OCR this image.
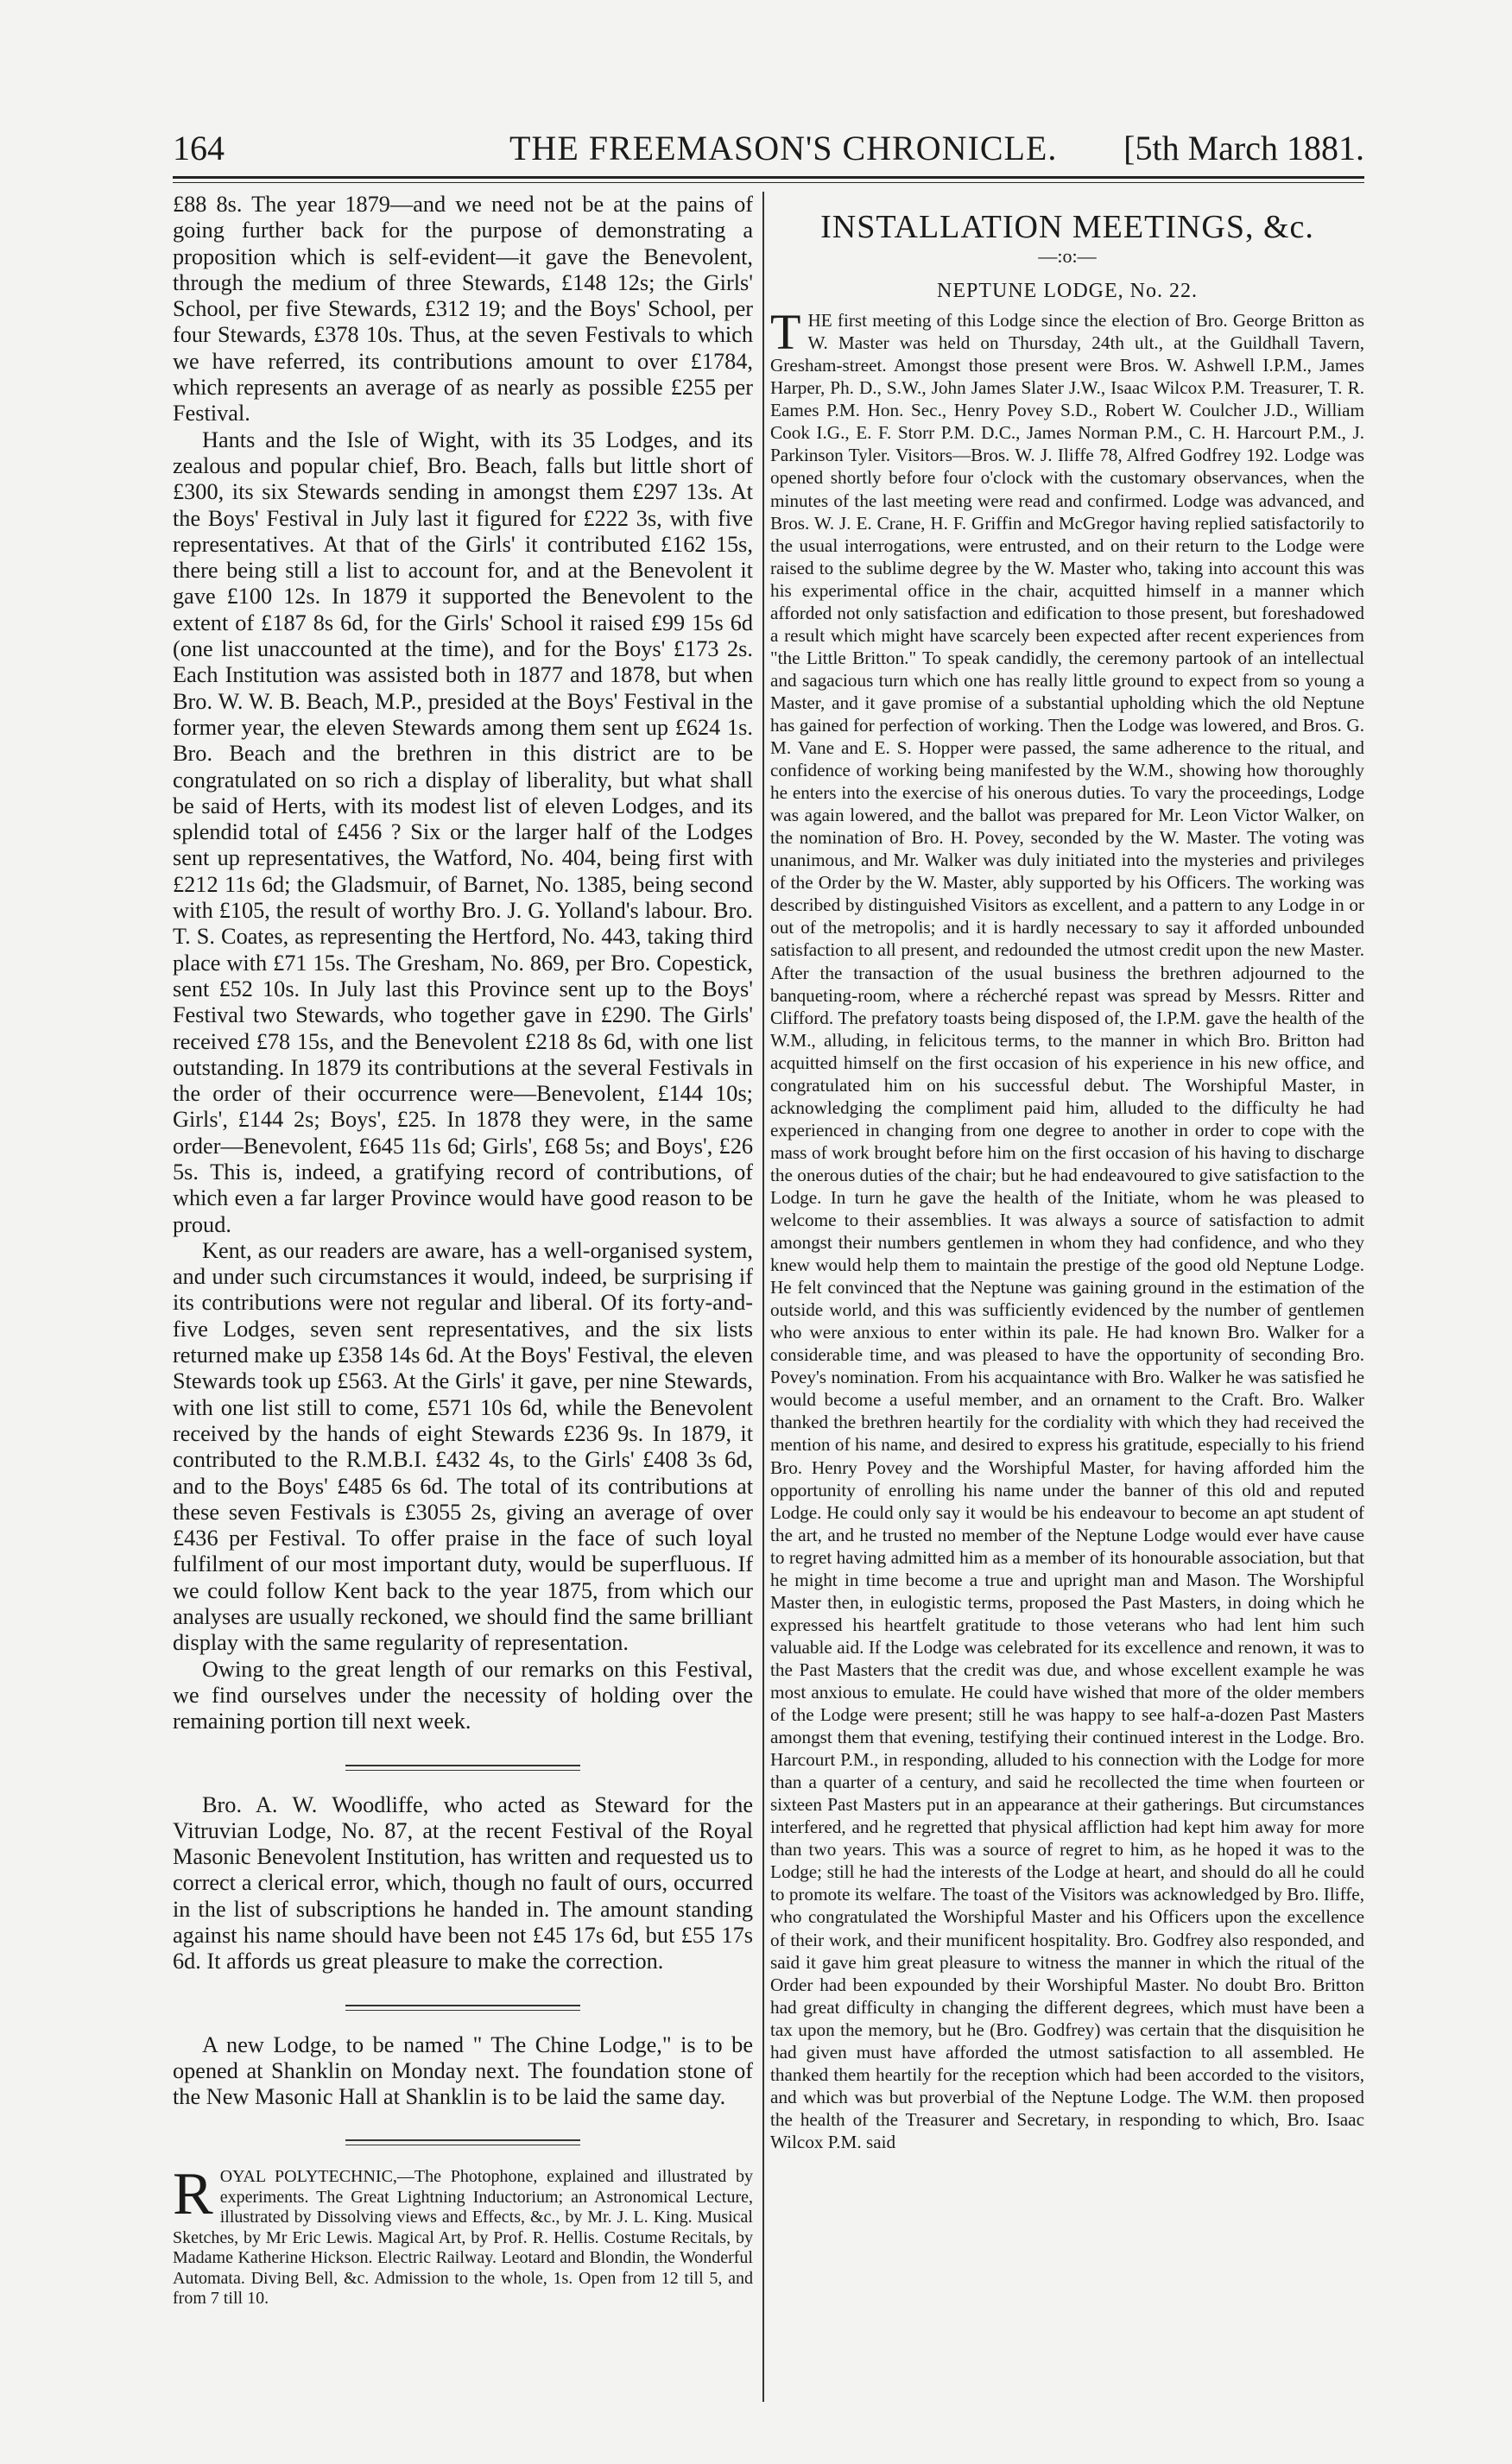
164	THE FREEMASON'S CHRONICLE. [5th March 1881.

£88 8s. The year 1879—and we need not be at the pains of going further back for the purpose of demonstrating a proposition which is self-evident—it gave the Benevolent, through the medium of three Stewards, £148 12s; the Girls' School, per five Stewards, £312 19; and the Boys' School, per four Stewards, £378 10s. Thus, at the seven Festivals to which we have referred, its contributions amount to over £1784, which represents an average of as nearly as possible £255 per Festival.

Hants and the Isle of Wight, with its 35 Lodges, and its zealous and popular chief, Bro. Beach, falls but little short of £300, its six Stewards sending in amongst them £297 13s. At the Boys' Festival in July last it figured for £222 3s, with five representatives. At that of the Girls' it contributed £162 15s, there being still a list to account for, and at the Benevolent it gave £100 12s. In 1879 it supported the Benevolent to the extent of £187 8s 6d, for the Girls' School it raised £99 15s 6d (one list unaccounted at the time), and for the Boys' £173 2s. Each Institution was assisted both in 1877 and 1878, but when Bro. W. W. B. Beach, M.P., presided at the Boys' Festival in the former year, the eleven Stewards among them sent up £624 1s. Bro. Beach and the brethren in this district are to be congratulated on so rich a display of liberality, but what shall be said of Herts, with its modest list of eleven Lodges, and its splendid total of £456 ? Six or the larger half of the Lodges sent up representatives, the Watford, No. 404, being first with £212 11s 6d; the Gladsmuir, of Barnet, No. 1385, being second with £105, the result of worthy Bro. J. G. Yolland's labour. Bro. T. S. Coates, as representing the Hertford, No. 443, taking third place with £71 15s. The Gresham, No. 869, per Bro. Copestick, sent £52 10s. In July last this Province sent up to the Boys' Festival two Stewards, who together gave in £290. The Girls' received £78 15s, and the Benevolent £218 8s 6d, with one list outstanding. In 1879 its contributions at the several Festivals in the order of their occurrence were—Benevolent, £144 10s; Girls', £144 2s; Boys', £25. In 1878 they were, in the same order—Benevolent, £645 11s 6d; Girls', £68 5s; and Boys', £26 5s. This is, indeed, a gratifying record of contributions, of which even a far larger Province would have good reason to be proud.

Kent, as our readers are aware, has a well-organised system, and under such circumstances it would, indeed, be surprising if its contributions were not regular and liberal. Of its forty-and-five Lodges, seven sent representatives, and the six lists returned make up £358 14s 6d. At the Boys' Festival, the eleven Stewards took up £563. At the Girls' it gave, per nine Stewards, with one list still to come, £571 10s 6d, while the Benevolent received by the hands of eight Stewards £236 9s. In 1879, it contributed to the R.M.B.I. £432 4s, to the Girls' £408 3s 6d, and to the Boys' £485 6s 6d. The total of its contributions at these seven Festivals is £3055 2s, giving an average of over £436 per Festival. To offer praise in the face of such loyal fulfilment of our most important duty, would be superfluous. If we could follow Kent back to the year 1875, from which our analyses are usually reckoned, we should find the same brilliant display with the same regularity of representation.

Owing to the great length of our remarks on this Festival, we find ourselves under the necessity of holding over the remaining portion till next week.

Bro. A. W. Woodliffe, who acted as Steward for the Vitruvian Lodge, No. 87, at the recent Festival of the Royal Masonic Benevolent Institution, has written and requested us to correct a clerical error, which, though no fault of ours, occurred in the list of subscriptions he handed in. The amount standing against his name should have been not £45 17s 6d, but £55 17s 6d. It affords us great pleasure to make the correction.

A new Lodge, to be named " The Chine Lodge," is to be opened at Shanklin on Monday next. The foundation stone of the New Masonic Hall at Shanklin is to be laid the same day.

ROYAL POLYTECHNIC,—The Photophone, explained and illustrated by experiments. The Great Lightning Inductorium; an Astronomical Lecture, illustrated by Dissolving views and Effects, &c., by Mr. J. L. King. Musical Sketches, by Mr Eric Lewis. Magical Art, by Prof. R. Hellis. Costume Recitals, by Madame Katherine Hickson. Electric Railway. Leotard and Blondin, the Wonderful Automata. Diving Bell, &c. Admission to the whole, 1s. Open from 12 till 5, and from 7 till 10.

INSTALLATION MEETINGS, &c.
—:o:—
NEPTUNE LODGE, No. 22.

THE first meeting of this Lodge since the election of Bro. George Britton as W. Master was held on Thursday, 24th ult., at the Guildhall Tavern, Gresham-street. Amongst those present were Bros. W. Ashwell I.P.M., James Harper, Ph. D., S.W., John James Slater J.W., Isaac Wilcox P.M. Treasurer, T. R. Eames P.M. Hon. Sec., Henry Povey S.D., Robert W. Coulcher J.D., William Cook I.G., E. F. Storr P.M. D.C., James Norman P.M., C. H. Harcourt P.M., J. Parkinson Tyler. Visitors—Bros. W. J. Iliffe 78, Alfred Godfrey 192. Lodge was opened shortly before four o'clock with the customary observances, when the minutes of the last meeting were read and confirmed. Lodge was advanced, and Bros. W. J. E. Crane, H. F. Griffin and McGregor having replied satisfactorily to the usual interrogations, were entrusted, and on their return to the Lodge were raised to the sublime degree by the W. Master who, taking into account this was his experimental office in the chair, acquitted himself in a manner which afforded not only satisfaction and edification to those present, but foreshadowed a result which might have scarcely been expected after recent experiences from "the Little Britton." To speak candidly, the ceremony partook of an intellectual and sagacious turn which one has really little ground to expect from so young a Master, and it gave promise of a substantial upholding which the old Neptune has gained for perfection of working. Then the Lodge was lowered, and Bros. G. M. Vane and E. S. Hopper were passed, the same adherence to the ritual, and confidence of working being manifested by the W.M., showing how thoroughly he enters into the exercise of his onerous duties. To vary the proceedings, Lodge was again lowered, and the ballot was prepared for Mr. Leon Victor Walker, on the nomination of Bro. H. Povey, seconded by the W. Master. The voting was unanimous, and Mr. Walker was duly initiated into the mysteries and privileges of the Order by the W. Master, ably supported by his Officers. The working was described by distinguished Visitors as excellent, and a pattern to any Lodge in or out of the metropolis; and it is hardly necessary to say it afforded unbounded satisfaction to all present, and redounded the utmost credit upon the new Master. After the transaction of the usual business the brethren adjourned to the banqueting-room, where a récherché repast was spread by Messrs. Ritter and Clifford. The prefatory toasts being disposed of, the I.P.M. gave the health of the W.M., alluding, in felicitous terms, to the manner in which Bro. Britton had acquitted himself on the first occasion of his experience in his new office, and congratulated him on his successful debut. The Worshipful Master, in acknowledging the compliment paid him, alluded to the difficulty he had experienced in changing from one degree to another in order to cope with the mass of work brought before him on the first occasion of his having to discharge the onerous duties of the chair; but he had endeavoured to give satisfaction to the Lodge. In turn he gave the health of the Initiate, whom he was pleased to welcome to their assemblies. It was always a source of satisfaction to admit amongst their numbers gentlemen in whom they had confidence, and who they knew would help them to maintain the prestige of the good old Neptune Lodge. He felt convinced that the Neptune was gaining ground in the estimation of the outside world, and this was sufficiently evidenced by the number of gentlemen who were anxious to enter within its pale. He had known Bro. Walker for a considerable time, and was pleased to have the opportunity of seconding Bro. Povey's nomination. From his acquaintance with Bro. Walker he was satisfied he would become a useful member, and an ornament to the Craft. Bro. Walker thanked the brethren heartily for the cordiality with which they had received the mention of his name, and desired to express his gratitude, especially to his friend Bro. Henry Povey and the Worshipful Master, for having afforded him the opportunity of enrolling his name under the banner of this old and reputed Lodge. He could only say it would be his endeavour to become an apt student of the art, and he trusted no member of the Neptune Lodge would ever have cause to regret having admitted him as a member of its honourable association, but that he might in time become a true and upright man and Mason. The Worshipful Master then, in eulogistic terms, proposed the Past Masters, in doing which he expressed his heartfelt gratitude to those veterans who had lent him such valuable aid. If the Lodge was celebrated for its excellence and renown, it was to the Past Masters that the credit was due, and whose excellent example he was most anxious to emulate. He could have wished that more of the older members of the Lodge were present; still he was happy to see half-a-dozen Past Masters amongst them that evening, testifying their continued interest in the Lodge. Bro. Harcourt P.M., in responding, alluded to his connection with the Lodge for more than a quarter of a century, and said he recollected the time when fourteen or sixteen Past Masters put in an appearance at their gatherings. But circumstances interfered, and he regretted that physical affliction had kept him away for more than two years. This was a source of regret to him, as he hoped it was to the Lodge; still he had the interests of the Lodge at heart, and should do all he could to promote its welfare. The toast of the Visitors was acknowledged by Bro. Iliffe, who congratulated the Worshipful Master and his Officers upon the excellence of their work, and their munificent hospitality. Bro. Godfrey also responded, and said it gave him great pleasure to witness the manner in which the ritual of the Order had been expounded by their Worshipful Master. No doubt Bro. Britton had great difficulty in changing the different degrees, which must have been a tax upon the memory, but he (Bro. Godfrey) was certain that the disquisition he had given must have afforded the utmost satisfaction to all assembled. He thanked them heartily for the reception which had been accorded to the visitors, and which was but proverbial of the Neptune Lodge. The W.M. then proposed the health of the Treasurer and Secretary, in responding to which, Bro. Isaac Wilcox P.M. said
